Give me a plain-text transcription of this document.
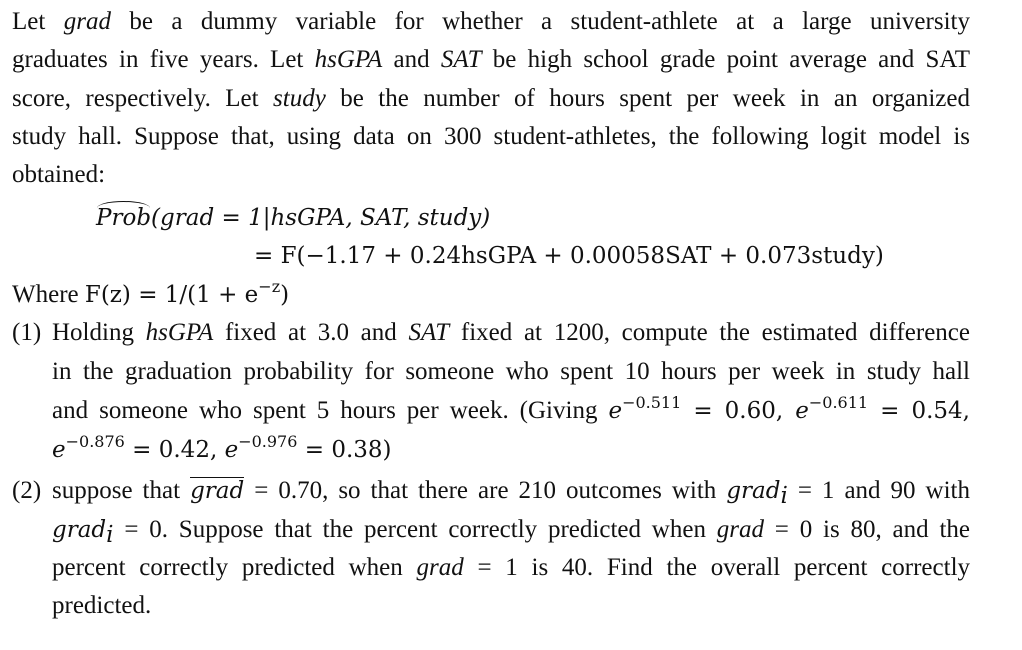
Let grad be a dummy variable for whether a student-athlete at a large university
graduates in five years. Let hsGPA and SAT be high school grade point average and SAT
score, respectively. Let study be the number of hours spent per week in an organized
study hall. Suppose that, using data on 300 student-athletes, the following logit model is
obtained:
Prob(grad = 1|hsGPA, SAT, study)
= F(−1.17 + 0.24hsGPA + 0.00058SAT + 0.073study)
Where $F(z) = 1/(1 + e^{-z})$
(1) Holding hsGPA fixed at 3.0 and SAT fixed at 1200, compute the estimated difference
in the graduation probability for someone who spent 10 hours per week in study hall
and someone who spent 5 hours per week. (Giving $e^{-0.511} = 0.60$, $e^{-0.611} = 0.54$,
$e^{-0.876} = 0.42$, $e^{-0.976} = 0.38$)
(2) suppose that grad = 0.70, so that there are 210 outcomes with grad$_i$ = 1 and 90 with
grad$_i$ = 0. Suppose that the percent correctly predicted when grad = 0 is 80, and the
percent correctly predicted when grad = 1 is 40. Find the overall percent correctly
predicted.
